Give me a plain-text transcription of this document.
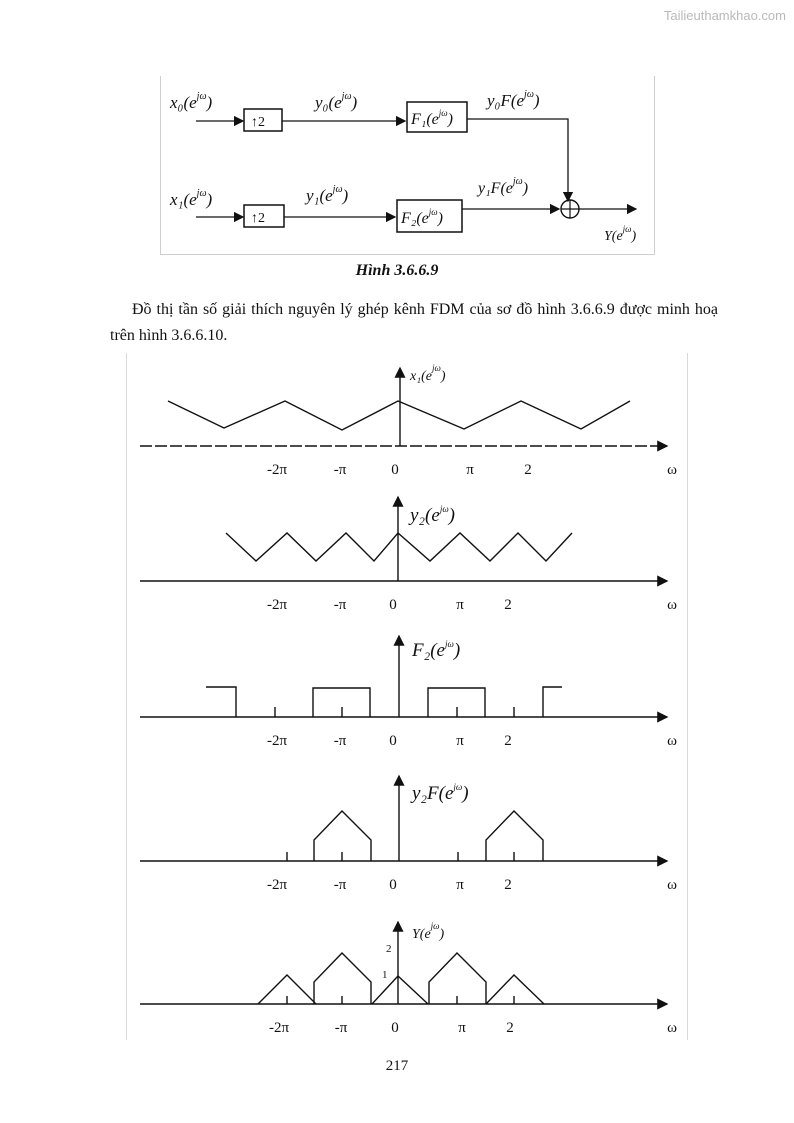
Tailieuthamkhao.com
$x_0(e^{j\omega})$
↑2
$y_0(e^{j\omega})$
$F_1(e^{j\omega})$
$y_0F(e^{j\omega})$
$x_1(e^{j\omega})$
↑2
$y_1(e^{j\omega})$
$F_2(e^{j\omega})$
$y_1F(e^{j\omega})$
$Y(e^{j\omega})$
Hình 3.6.6.9
Đồ thị tần số giải thích nguyên lý ghép kênh FDM của sơ đồ hình 3.6.6.9 được minh hoạ trên hình 3.6.6.10.
$x_1(e^{j\omega})$
-2π	-π	0	π	2	ω
$y_2(e^{j\omega})$
-2π	-π	0	π	2	ω
$F_2(e^{j\omega})$
-2π	-π	0	π	2	ω
$y_2F(e^{j\omega})$
-2π	-π	0	π	2	ω
$Y(e^{j\omega})$
-2π	-π	0	π	2	ω
2
1
217
